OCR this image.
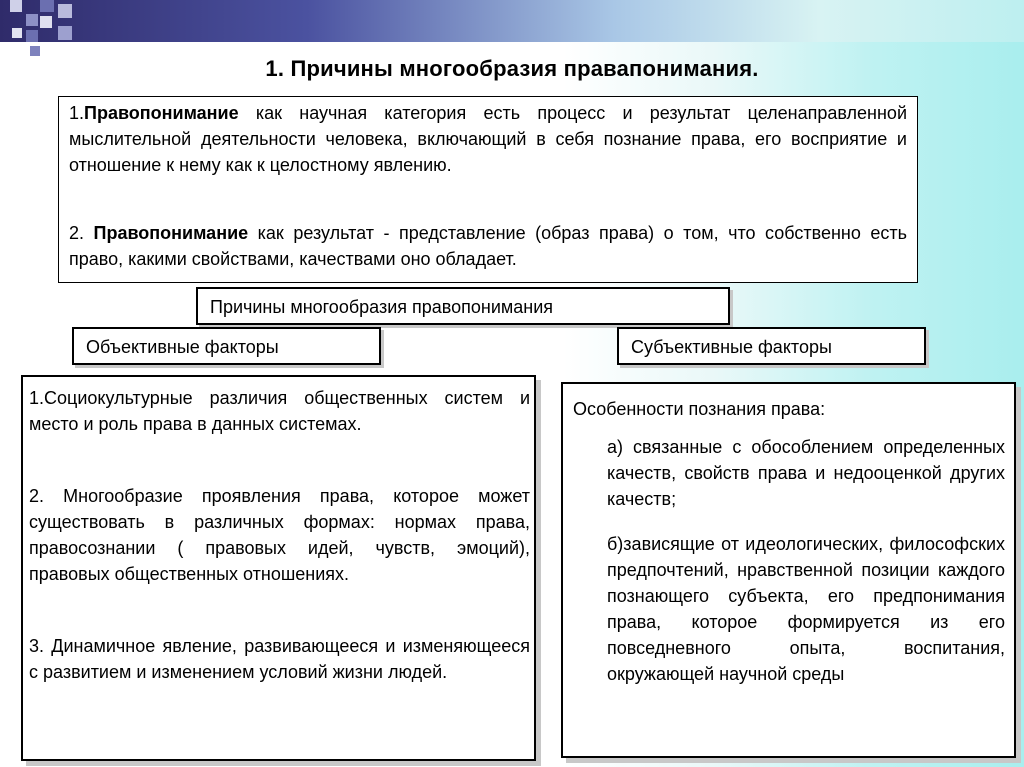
1. Причины многообразия правапонимания.

1.Правопонимание как научная категория есть процесс и результат целенаправленной мыслительной деятельности человека, включающий в себя познание права, его восприятие и отношение к нему как к целостному явлению.

2. Правопонимание как результат - представление (образ права) о том, что собственно есть право, какими свойствами, качествами оно обладает.

Причины многообразия правопонимания
Объективные факторы	Субъективные факторы
1.Социокультурные различия общественных систем и место и роль права в данных системах.
2. Многообразие проявления права, которое может существовать в различных формах: нормах права, правосознании ( правовых идей, чувств, эмоций), правовых общественных отношениях.
3. Динамичное явление, развивающееся и изменяющееся с развитием и изменением условий жизни людей.
Особенности познания права:
а) связанные с обособлением определенных качеств, свойств права и недооценкой других качеств;
б)зависящие от идеологических, философских предпочтений, нравственной позиции каждого познающего субъекта, его предпонимания права, которое формируется из его повседневного опыта, воспитания, окружающей научной среды
